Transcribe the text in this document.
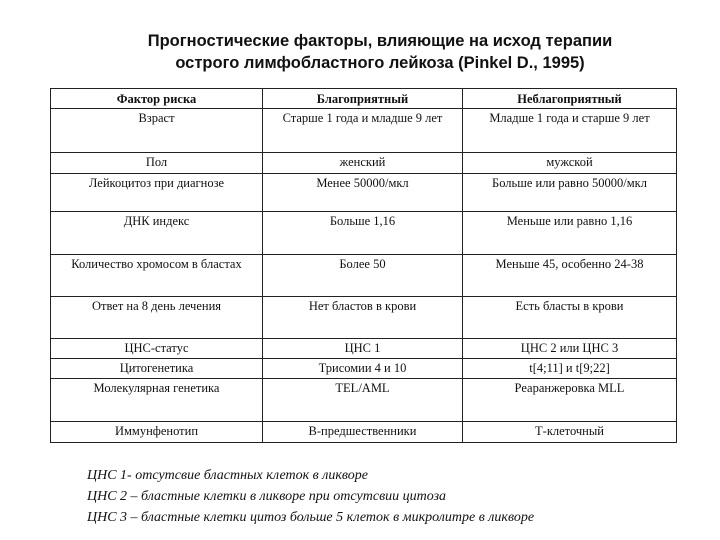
Прогностические факторы, влияющие на исход терапии
острого лимфобластного лейкоза (Pinkel D., 1995)
Фактор риска	Благоприятный	Неблагоприятный
Взраст	Старше 1 года и младше 9 лет	Младше 1 года и старше 9 лет
Пол	женский	мужской
Лейкоцитоз при диагнозе	Менее 50000/мкл	Больше или равно 50000/мкл
ДНК индекс	Больше 1,16	Меньше или равно 1,16
Количество хромосом в бластах	Более 50	Меньше 45, особенно 24-38
Ответ на 8 день лечения	Нет бластов в крови	Есть бласты в крови
ЦНС-статус	ЦНС 1	ЦНС 2 или ЦНС 3
Цитогенетика	Трисомии 4 и 10	t[4;11] и t[9;22]
Молекулярная генетика	TEL/AML	Реаранжеровка MLL
Иммунфенотип	B-предшественники	Т-клеточный
ЦНС 1- отсутсвие бластных клеток в ликворе
ЦНС 2 – бластные клетки в ликворе при отсутсвии цитоза
ЦНС 3 – бластные клетки цитоз больше 5 клеток в микролитре в ликворе
